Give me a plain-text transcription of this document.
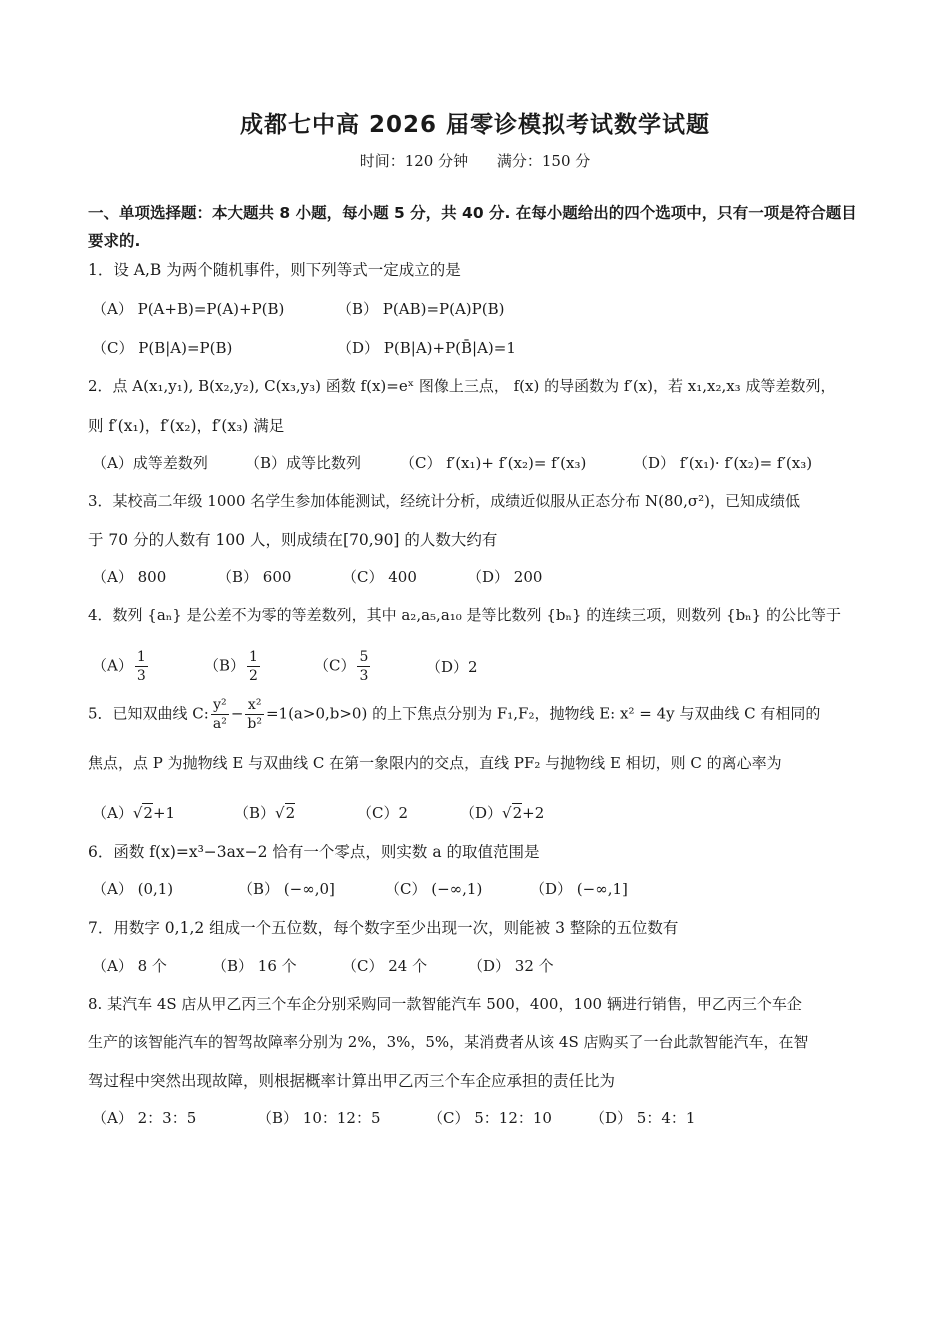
成都七中高 2026 届零诊模拟考试数学试题
时间：120 分钟 满分：150 分
一、单项选择题：本大题共 8 小题，每小题 5 分，共 40 分. 在每小题给出的四个选项中，只有一项是符合题目要求的.
1．设 A,B 为两个随机事件，则下列等式一定成立的是
（A） P(A+B)=P(A)+P(B)	（B） P(AB)=P(A)P(B)
（C） P(B|A)=P(B)	（D） P(B|A)+P(B̄|A)=1
2．点 A(x₁,y₁), B(x₂,y₂), C(x₃,y₃) 函数 f(x)=eˣ 图像上三点， f(x) 的导函数为 f′(x)，若 x₁,x₂,x₃ 成等差数列，
则 f′(x₁)，f′(x₂)，f′(x₃) 满足
（A）成等差数列 （B）成等比数列	（C） f′(x₁)+ f′(x₂)= f′(x₃)	（D） f′(x₁)· f′(x₂)= f′(x₃)
3．某校高二年级 1000 名学生参加体能测试，经统计分析，成绩近似服从正态分布 N(80,σ²)，已知成绩低
于 70 分的人数有 100 人，则成绩在[70,90] 的人数大约有
（A） 800	（B） 600	（C） 400	（D） 200
4．数列 {aₙ} 是公差不为零的等差数列，其中 a₂,a₅,a₁₀ 是等比数列 {bₙ} 的连续三项，则数列 {bₙ} 的公比等于
$(A) \frac{1}{3}$	$(B) \frac{1}{2}$	$(C) \frac{5}{3}$	（D）2
5．已知双曲线 C: $\frac{\text{y²}}{\text{a²}} - \frac{\text{x²}}{\text{b²}} =1(a>0,b>0)$ 的上下焦点分别为 F₁,F₂，抛物线 E: x² = 4y 与双曲线 C 有相同的
焦点，点 P 为抛物线 E 与双曲线 C 在第一象限内的交点，直线 PF₂ 与抛物线 E 相切，则 C 的离心率为
（A）√2+1	（B）√2	（C）2	（D）√2+2
6．函数 f(x)=x³−3ax−2 恰有一个零点，则实数 a 的取值范围是
（A） (0,1)	（B） (−∞,0]	（C） (−∞,1)	（D） (−∞,1]
7．用数字 0,1,2 组成一个五位数，每个数字至少出现一次，则能被 3 整除的五位数有
（A） 8 个	（B） 16 个	（C） 24 个	（D） 32 个
8. 某汽车 4S 店从甲乙丙三个车企分别采购同一款智能汽车 500，400，100 辆进行销售，甲乙丙三个车企
生产的该智能汽车的智驾故障率分别为 2%，3%，5%，某消费者从该 4S 店购买了一台此款智能汽车，在智
驾过程中突然出现故障，则根据概率计算出甲乙丙三个车企应承担的责任比为
（A） 2：3：5	（B） 10：12：5	（C） 5：12：10	（D） 5：4：1
